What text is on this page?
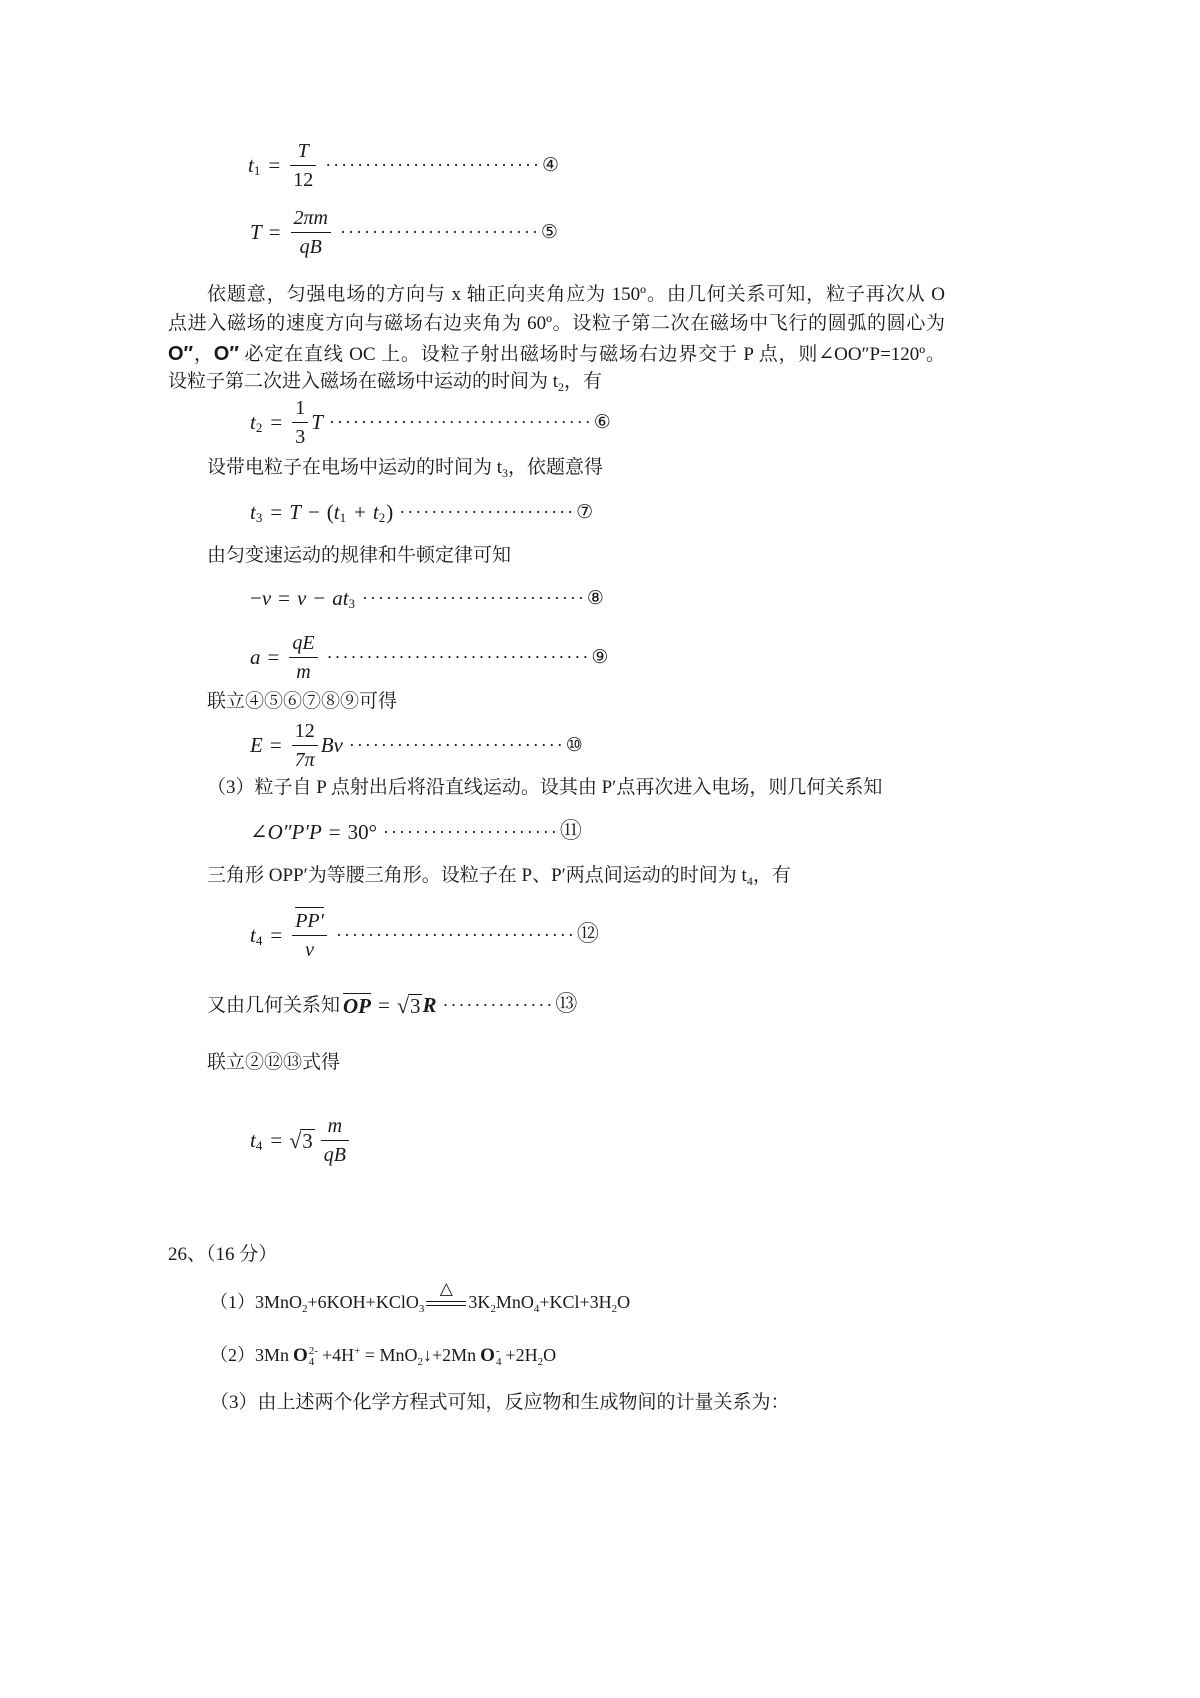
t $1 = \frac{T}{12}$ ··························· ④
$T = \frac{2\pi m}{qB}$ ························· ⑤
依题意，匀强电场的方向与 x 轴正向夹角应为 150º。由几何关系可知，粒子再次从 O
点进入磁场的速度方向与磁场右边夹角为 60º。设粒子第二次在磁场中飞行的圆弧的圆心为
O″，O″ 必定在直线 OC 上。设粒子射出磁场时与磁场右边界交于 P 点，则∠OO″P=120º。
设粒子第二次进入磁场在磁场中运动的时间为 $t_2$，有
t $2 = \frac{1}{3}$ T ································· ⑥
设带电粒子在电场中运动的时间为 $t_3$，依题意得
t 3 = T − ( t 1 + t 2 ) ······················ ⑦
由匀变速运动的规律和牛顿定律可知
− v = v − at 3 ···························· ⑧
$a = \frac{qE}{m}$ ································· ⑨
联立④⑤⑥⑦⑧⑨可得
$E = \frac{12}{7\pi}$ Bv ··························· ⑩
（3）粒子自 P 点射出后将沿直线运动。设其由 P′点再次进入电场，则几何关系知
∠ O″P′P = 30° ······················ ⑪
三角形 OPP′为等腰三角形。设粒子在 P、P′两点间运动的时间为 $t_4$，有
t $4 = \frac{PP'}{v}$ ······························ ⑫
又由几何关系知 OP = √ 3 R ·············· ⑬
联立②⑫⑬式得
t 4 = √ $3 \frac{m}{qB}$
26、（16 分）
（1）3MnO$_2$+6KOH+KClO$_3$
△
$3K_2MnO_4+KCl+3H_2O$
（2）3Mn O 2-
4 +4H+ = MnO$_2$↓+2Mn O -
$4 +2H_2O$
（3）由上述两个化学方程式可知，反应物和生成物间的计量关系为：
